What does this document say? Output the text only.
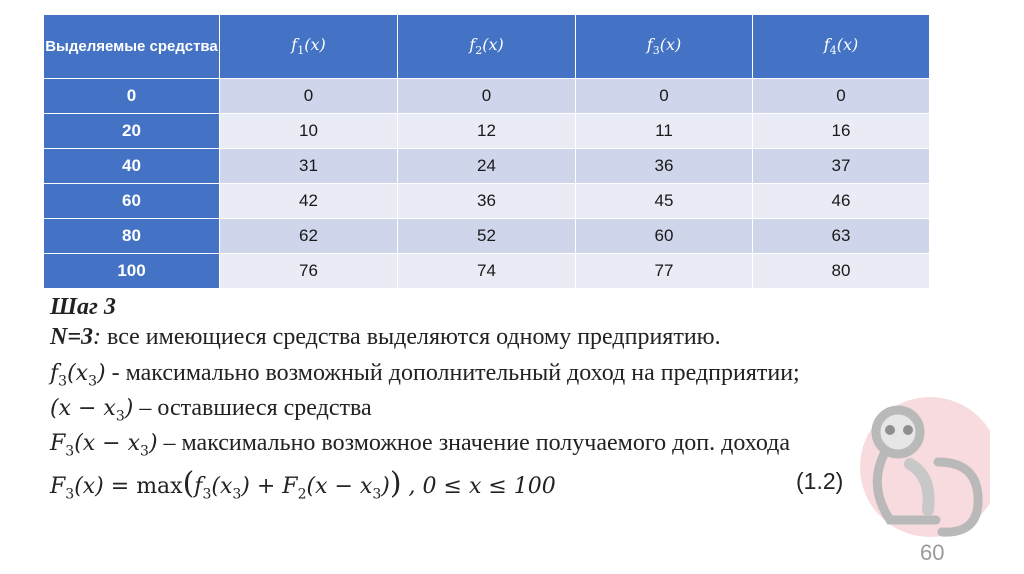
Выделяемые средства	$f_1(x)$	$f_2(x)$	$f_3(x)$	$f_4(x)$
0	0	0	0	0
20	10	12	11	16
40	31	24	36	37
60	42	36	45	46
80	62	52	60	63
100	76	74	77	80
Шаг 3
N=3: все имеющиеся средства выделяются одному предприятию.
$f_3(x_3)$ - максимально возможный дополнительный доход на предприятии;
$(x - x_3)$ – оставшиеся средства
$F_3(x - x_3)$ – максимально возможное значение получаемого доп. дохода
$F_3(x) = \max(f_3(x_3) + F_2(x - x_3))$ , 0 ≤ x ≤ 100	(1.2)
60
